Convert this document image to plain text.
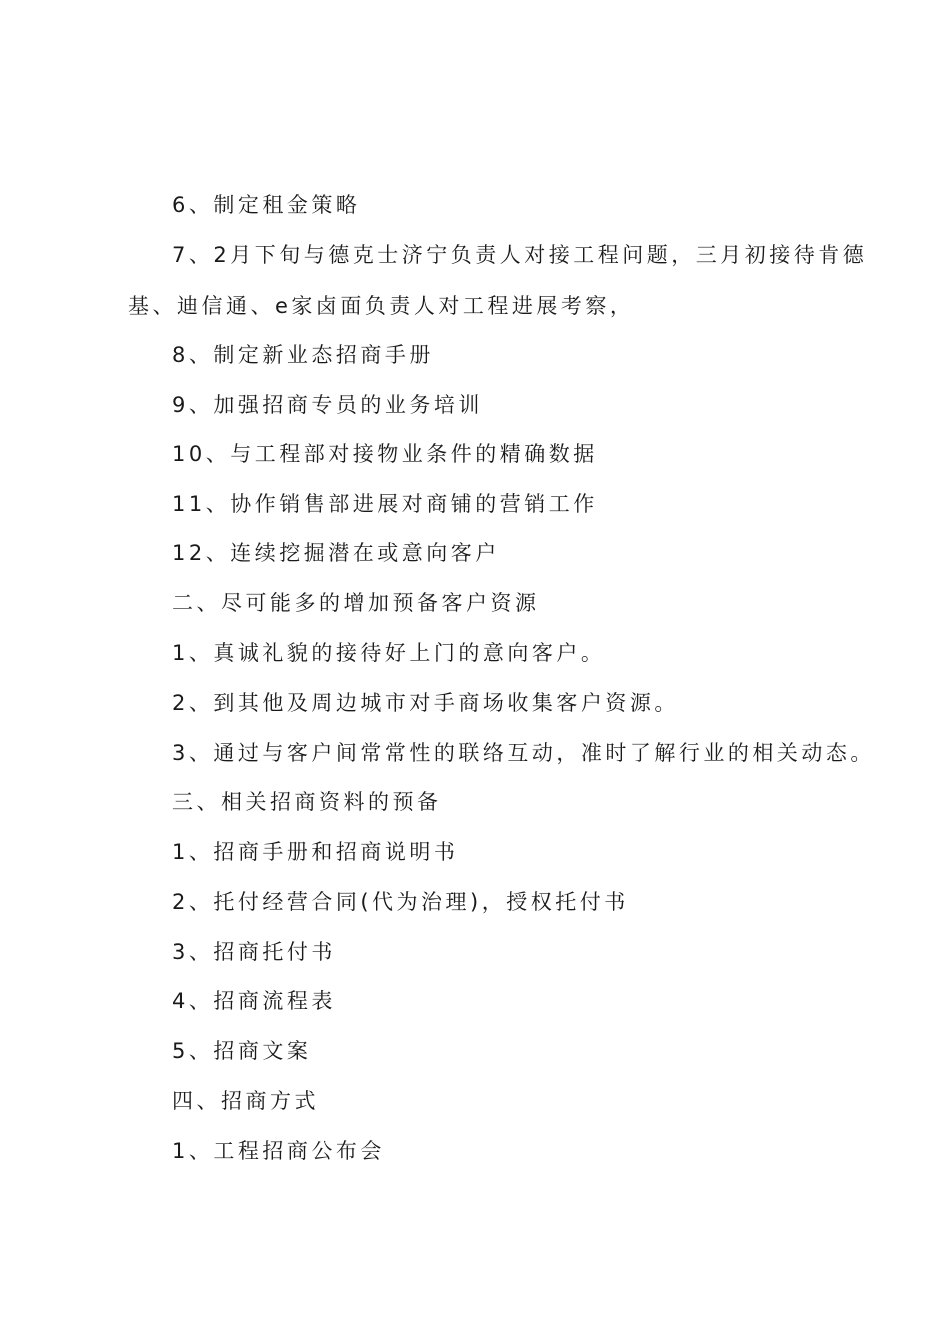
6、制定租金策略
7、2月下旬与德克士济宁负责人对接工程问题，三月初接待肯德
基、迪信通、e家卤面负责人对工程进展考察，
8、制定新业态招商手册
9、加强招商专员的业务培训
10、与工程部对接物业条件的精确数据
11、协作销售部进展对商铺的营销工作
12、连续挖掘潜在或意向客户
二、尽可能多的增加预备客户资源
1、真诚礼貌的接待好上门的意向客户。
2、到其他及周边城市对手商场收集客户资源。
3、通过与客户间常常性的联络互动，准时了解行业的相关动态。
三、相关招商资料的预备
1、招商手册和招商说明书
2、托付经营合同(代为治理)，授权托付书
3、招商托付书
4、招商流程表
5、招商文案
四、招商方式
1、工程招商公布会
